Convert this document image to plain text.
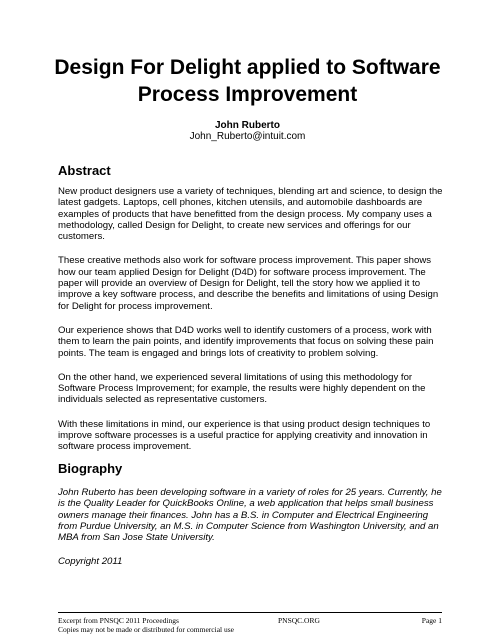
Design For Delight applied to Software Process Improvement
John Ruberto
John_Ruberto@intuit.com
Abstract

New product designers use a variety of techniques, blending art and science, to design the latest gadgets. Laptops, cell phones, kitchen utensils, and automobile dashboards are examples of products that have benefitted from the design process. My company uses a methodology, called Design for Delight, to create new services and offerings for our customers.

These creative methods also work for software process improvement. This paper shows how our team applied Design for Delight (D4D) for software process improvement. The paper will provide an overview of Design for Delight, tell the story how we applied it to improve a key software process, and describe the benefits and limitations of using Design for Delight for process improvement.

Our experience shows that D4D works well to identify customers of a process, work with them to learn the pain points, and identify improvements that focus on solving these pain points. The team is engaged and brings lots of creativity to problem solving.

On the other hand, we experienced several limitations of using this methodology for Software Process Improvement; for example, the results were highly dependent on the individuals selected as representative customers.

With these limitations in mind, our experience is that using product design techniques to improve software processes is a useful practice for applying creativity and innovation in software process improvement.

Biography

John Ruberto has been developing software in a variety of roles for 25 years. Currently, he is the Quality Leader for QuickBooks Online, a web application that helps small business owners manage their finances. John has a B.S. in Computer and Electrical Engineering from Purdue University, an M.S. in Computer Science from Washington University, and an MBA from San Jose State University.

Copyright 2011

Excerpt from PNSQC 2011 Proceedings	PNSQC.ORG	Page 1
Copies may not be made or distributed for commercial use
